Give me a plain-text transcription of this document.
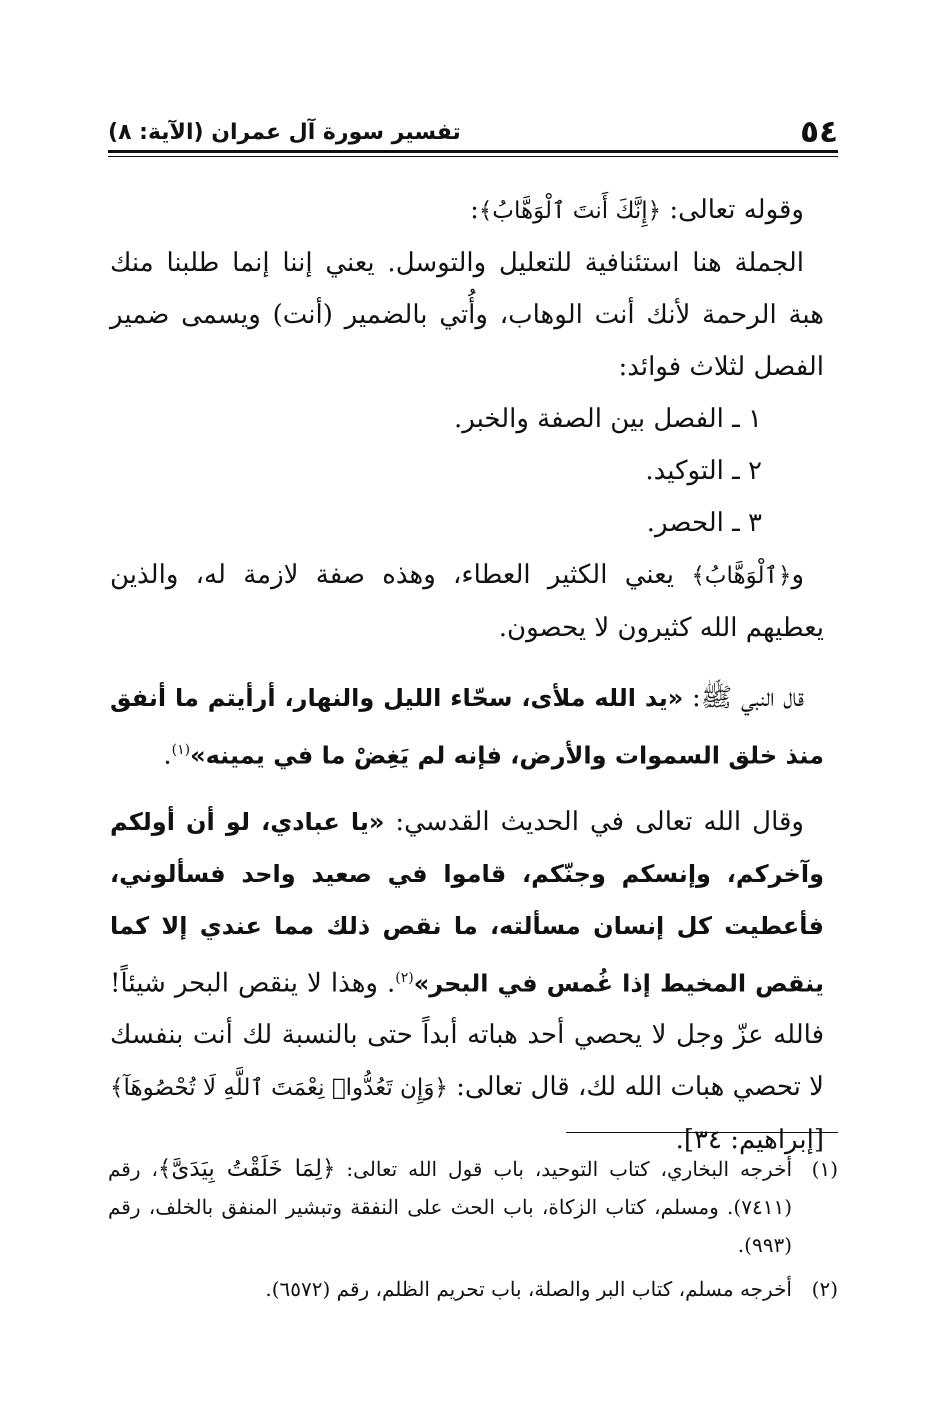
٥٤
تفسير سورة آل عمران (الآية: ٨)

وقوله تعالى: ﴿إِنَّكَ أَنتَ ٱلْوَهَّابُ﴾:

الجملة هنا استئنافية للتعليل والتوسل. يعني إننا إنما طلبنا منك هبة الرحمة لأنك أنت الوهاب، وأُتي بالضمير (أنت) ويسمى ضمير الفصل لثلاث فوائد:

١ ـ الفصل بين الصفة والخبر.

٢ ـ التوكيد.

٣ ـ الحصر.

و﴿ٱلْوَهَّابُ﴾ يعني الكثير العطاء، وهذه صفة لازمة له، والذين يعطيهم الله كثيرون لا يحصون.

قال النبي ﷺ: «يد الله ملأى، سحّاء الليل والنهار، أرأيتم ما أنفق منذ خلق السموات والأرض، فإنه لم يَغِضْ ما في يمينه»$^{(١)}$.

وقال الله تعالى في الحديث القدسي: «يا عبادي، لو أن أولكم وآخركم، وإنسكم وجنّكم، قاموا في صعيد واحد فسألوني، فأعطيت كل إنسان مسألته، ما نقص ذلك مما عندي إلا كما ينقص المخيط إذا غُمس في البحر»$^{(٢)}$. وهذا لا ينقص البحر شيئاً! فالله عزّ وجل لا يحصي أحد هباته أبداً حتى بالنسبة لك أنت بنفسك لا تحصي هبات الله لك، قال تعالى: ﴿وَإِن تَعُدُّوا۟ نِعْمَتَ ٱللَّهِ لَا تُحْصُوهَآ﴾ [إبراهيم: ٣٤].

(١)
أخرجه البخاري، كتاب التوحيد، باب قول الله تعالى: ﴿لِمَا خَلَقْتُ بِيَدَىَّ﴾، رقم (٧٤١١). ومسلم، كتاب الزكاة، باب الحث على النفقة وتبشير المنفق بالخلف، رقم (٩٩٣).

(٢)
أخرجه مسلم، كتاب البر والصلة، باب تحريم الظلم، رقم (٦٥٧٢).
